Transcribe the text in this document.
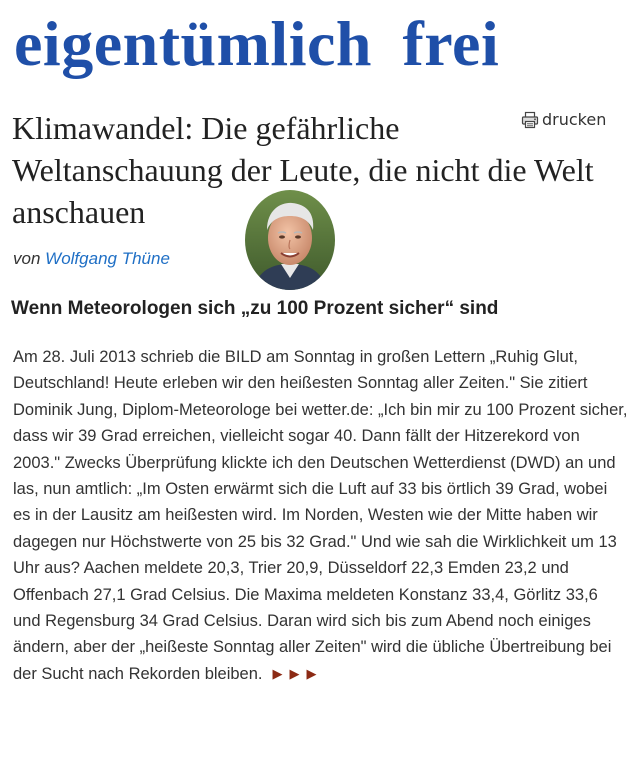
eigentümlich frei
drucken
Klimawandel: Die gefährliche Weltanschauung der Leute, die nicht die Welt anschauen
von Wolfgang Thüne
Wenn Meteorologen sich „zu 100 Prozent sicher“ sind

Am 28. Juli 2013 schrieb die BILD am Sonntag in großen Lettern „Ruhig Glut, Deutschland! Heute erleben wir den heißesten Sonntag aller Zeiten." Sie zitiert Dominik Jung, Diplom-Meteorologe bei wetter.de: „Ich bin mir zu 100 Prozent sicher, dass wir 39 Grad erreichen, vielleicht sogar 40. Dann fällt der Hitzerekord von 2003." Zwecks Überprüfung klickte ich den Deutschen Wetterdienst (DWD) an und las, nun amtlich: „Im Osten erwärmt sich die Luft auf 33 bis örtlich 39 Grad, wobei es in der Lausitz am heißesten wird. Im Norden, Westen wie der Mitte haben wir dagegen nur Höchstwerte von 25 bis 32 Grad." Und wie sah die Wirklichkeit um 13 Uhr aus? Aachen meldete 20,3, Trier 20,9, Düsseldorf 22,3 Emden 23,2 und Offenbach 27,1 Grad Celsius. Die Maxima meldeten Konstanz 33,4, Görlitz 33,6 und Regensburg 34 Grad Celsius. Daran wird sich bis zum Abend noch einiges ändern, aber der „heißeste Sonntag aller Zeiten" wird die übliche Übertreibung bei der Sucht nach Rekorden bleiben. ▶▶▶
